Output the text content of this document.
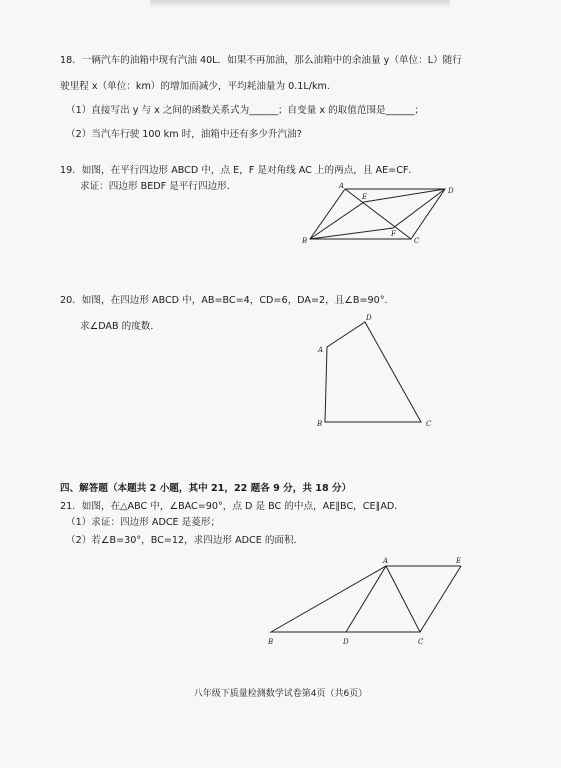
18．一辆汽车的油箱中现有汽油 40L．如果不再加油，那么油箱中的余油量 y（单位：L）随行
驶里程 x（单位：km）的增加而减少，平均耗油量为 0.1L/km．
（1）直接写出 y 与 x 之间的函数关系式为______；自变量 x 的取值范围是______；
（2）当汽车行驶 100 km 时，油箱中还有多少升汽油?
19．如图，在平行四边形 ABCD 中，点 E，F 是对角线 AC 上的两点，且 AE=CF．
求证：四边形 BEDF 是平行四边形．	A
D
B	C
E
F
20．如图，在四边形 ABCD 中，AB=BC=4，CD=6，DA=2，且∠B=90°．
求∠DAB 的度数．
A
D
B	C
四、解答题（本题共 2 小题，其中 21，22 题各 9 分，共 18 分）
21．如图，在△ABC 中，∠BAC=90°，点 D 是 BC 的中点，AE∥BC，CE∥AD．
（1）求证：四边形 ADCE 是菱形；
（2）若∠B=30°，BC=12，求四边形 ADCE 的面积．
A	E
B	D	C
八年级下质量检测数学试卷第4页（共6页）
